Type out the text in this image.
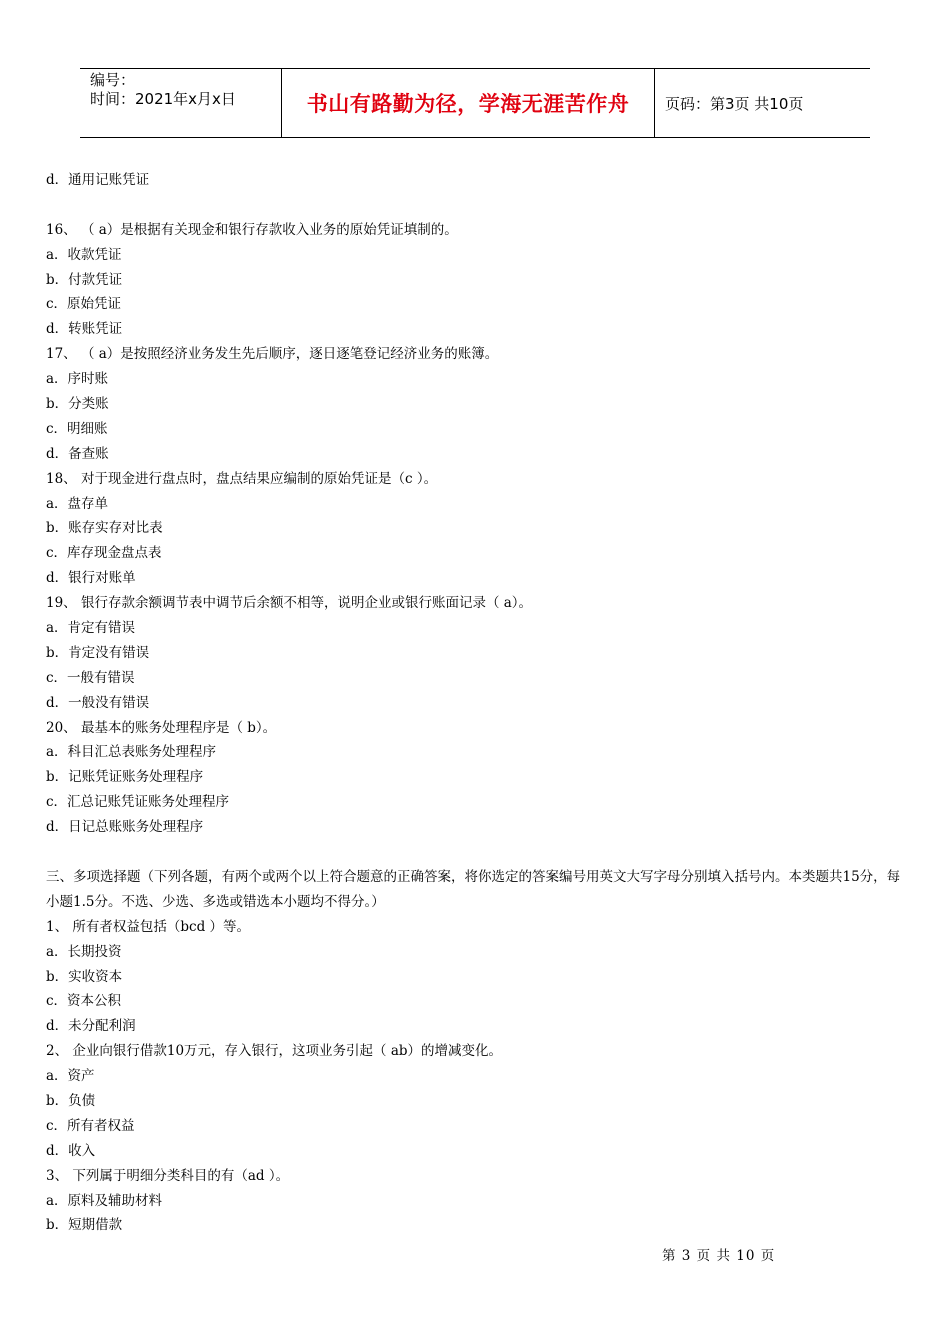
编号：
时间：2021年x月x日	书山有路勤为径，学海无涯苦作舟	页码：第3页 共10页
d．通用记账凭证
16、 （ a）是根据有关现金和银行存款收入业务的原始凭证填制的。
a．收款凭证
b．付款凭证
c．原始凭证
d．转账凭证
17、 （ a）是按照经济业务发生先后顺序，逐日逐笔登记经济业务的账簿。
a．序时账
b．分类账
c．明细账
d．备查账
18、 对于现金进行盘点时，盘点结果应编制的原始凭证是（c ）。
a．盘存单
b．账存实存对比表
c．库存现金盘点表
d．银行对账单
19、 银行存款余额调节表中调节后余额不相等，说明企业或银行账面记录（ a）。
a．肯定有错误
b．肯定没有错误
c．一般有错误
d．一般没有错误
20、 最基本的账务处理程序是（ b）。
a．科目汇总表账务处理程序
b．记账凭证账务处理程序
c．汇总记账凭证账务处理程序
d．日记总账账务处理程序
三、多项选择题（下列各题，有两个或两个以上符合题意的正确答案，将你选定的答案编号用英文大写字母分别填入括号内。本类题共15分，每小题1.5分。不选、少选、多选或错选本小题均不得分。）
1、 所有者权益包括（bcd ）等。
a．长期投资
b．实收资本
c．资本公积
d．未分配利润
2、 企业向银行借款10万元，存入银行，这项业务引起（ ab）的增减变化。
a．资产
b．负债
c．所有者权益
d．收入
3、 下列属于明细分类科目的有（ad ）。
a．原料及辅助材料
b．短期借款
第 3 页 共 10 页
